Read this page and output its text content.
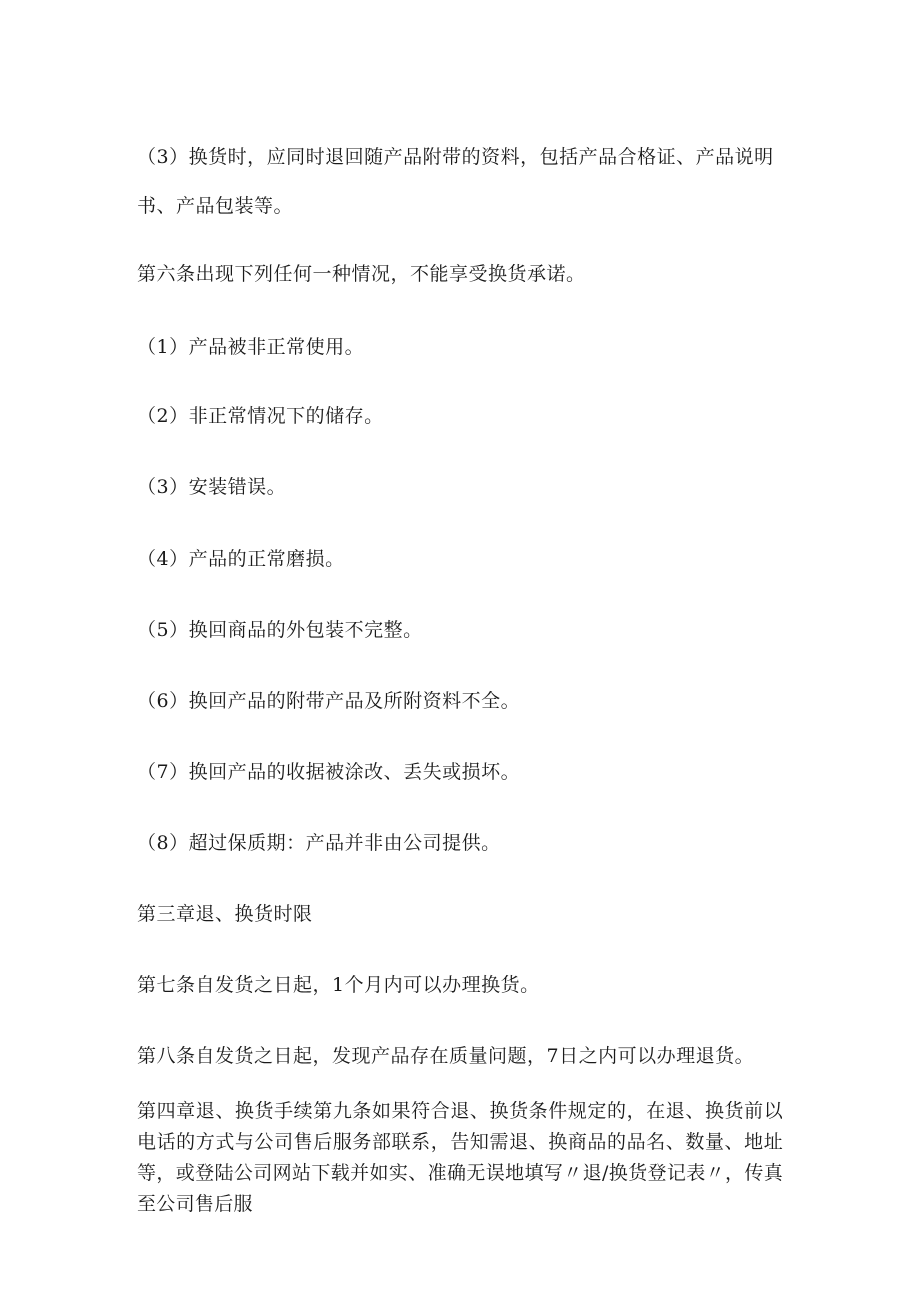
（3）换货时，应同时退回随产品附带的资料，包括产品合格证、产品说明
书、产品包装等。
第六条出现下列任何一种情况，不能享受换货承诺。
（1）产品被非正常使用。
（2）非正常情况下的储存。
（3）安装错误。
（4）产品的正常磨损。
（5）换回商品的外包装不完整。
（6）换回产品的附带产品及所附资料不全。
（7）换回产品的收据被涂改、丢失或损坏。
（8）超过保质期：产品并非由公司提供。
第三章退、换货时限
第七条自发货之日起，1个月内可以办理换货。
第八条自发货之日起，发现产品存在质量问题，7日之内可以办理退货。
第四章退、换货手续第九条如果符合退、换货条件规定的，在退、换货前以电话的方式与公司售后服务部联系，告知需退、换商品的品名、数量、地址等，或登陆公司网站下载并如实、准确无误地填写〃退/换货登记表〃，传真至公司售后服
